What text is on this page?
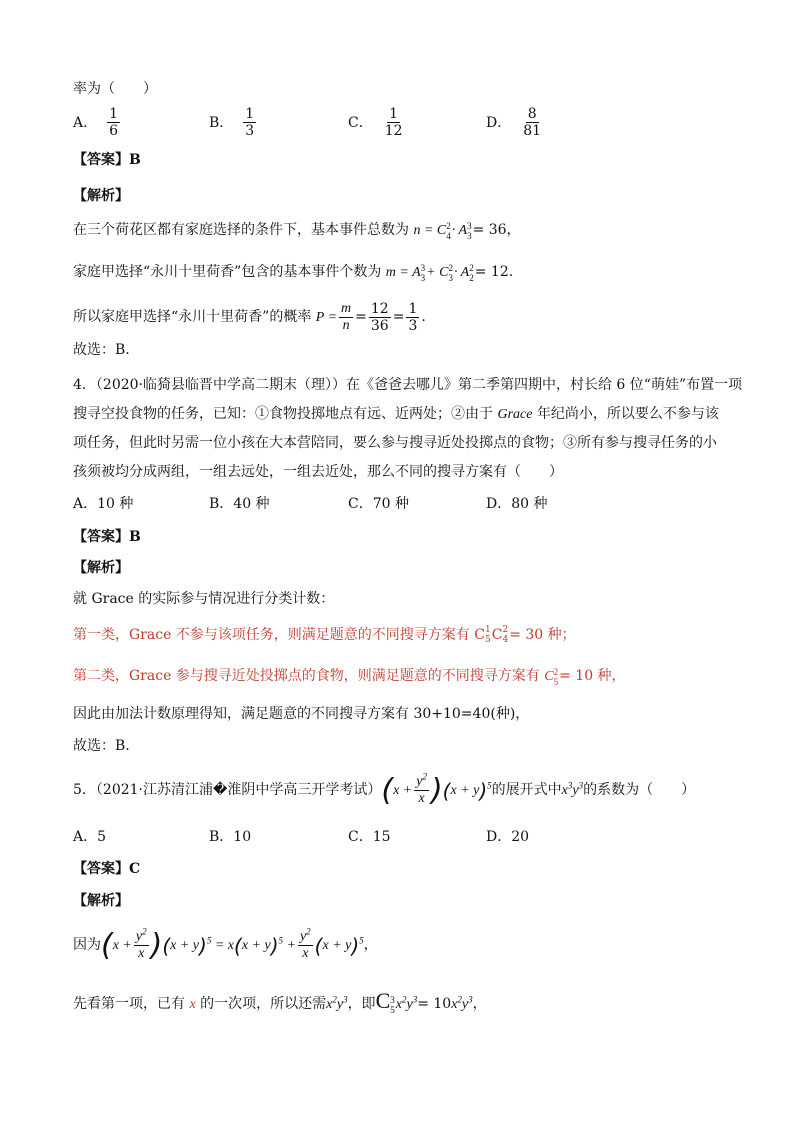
率为（　　）
A． $\frac{1}{6}$	B． $\frac{1}{3}$	C． $\frac{1}{12}$	D． $\frac{8}{81}$
【答案】B
【解析】
在三个荷花区都有家庭选择的条件下，基本事件总数为 n = C 2
4 · A 3
3 = 36，
家庭甲选择“永川十里荷香”包含的基本事件个数为 m = A 3
3 + C 2
3 · A 2
2 = 12.
所以家庭甲选择“永川十里荷香”的概率 $P = \frac{m}{n} = \frac{12}{36} = \frac{1}{3}$ .
故选：B.
4．（2020·临猗县临晋中学高二期末（理））在《爸爸去哪儿》第二季第四期中，村长给 6 位“萌娃”布置一项
搜寻空投食物的任务，已知：①食物投掷地点有远、近两处；②由于 Grace 年纪尚小，所以要么不参与该
项任务，但此时另需一位小孩在大本营陪同，要么参与搜寻近处投掷点的食物；③所有参与搜寻任务的小
孩须被均分成两组，一组去远处，一组去近处，那么不同的搜寻方案有（　　）
A．10 种	B．40 种	C．70 种	D．80 种
【答案】B
【解析】
就 Grace 的实际参与情况进行分类计数：
第一类，Grace 不参与该项任务，则满足题意的不同搜寻方案有 C 1
5 C 2
4 = 30 种；
第二类，Grace 参与搜寻近处投掷点的食物，则满足题意的不同搜寻方案有 C 2
5 = 10 种，
因此由加法计数原理得知，满足题意的不同搜寻方案有 30+10=40(种)，
故选：B.
5．（2021·江苏清江浦�淮阴中学高三开学考试）$(x + \frac{y^2}{x} )(x + y)^5$的展开式中$x^3y^3$的系数为（　　）
A．5	B．10	C．15	D．20
【答案】C
【解析】
因为$(x + \frac{y^2}{x} )(x + y)^5 = x(x + y)^5 + \frac{y^2}{x} (x + y)^5$，
先看第一项，已有 x 的一次项，所以还需$x^2y^3$，即C 3
5 $x^2y^3= 10x^2y^3$，
